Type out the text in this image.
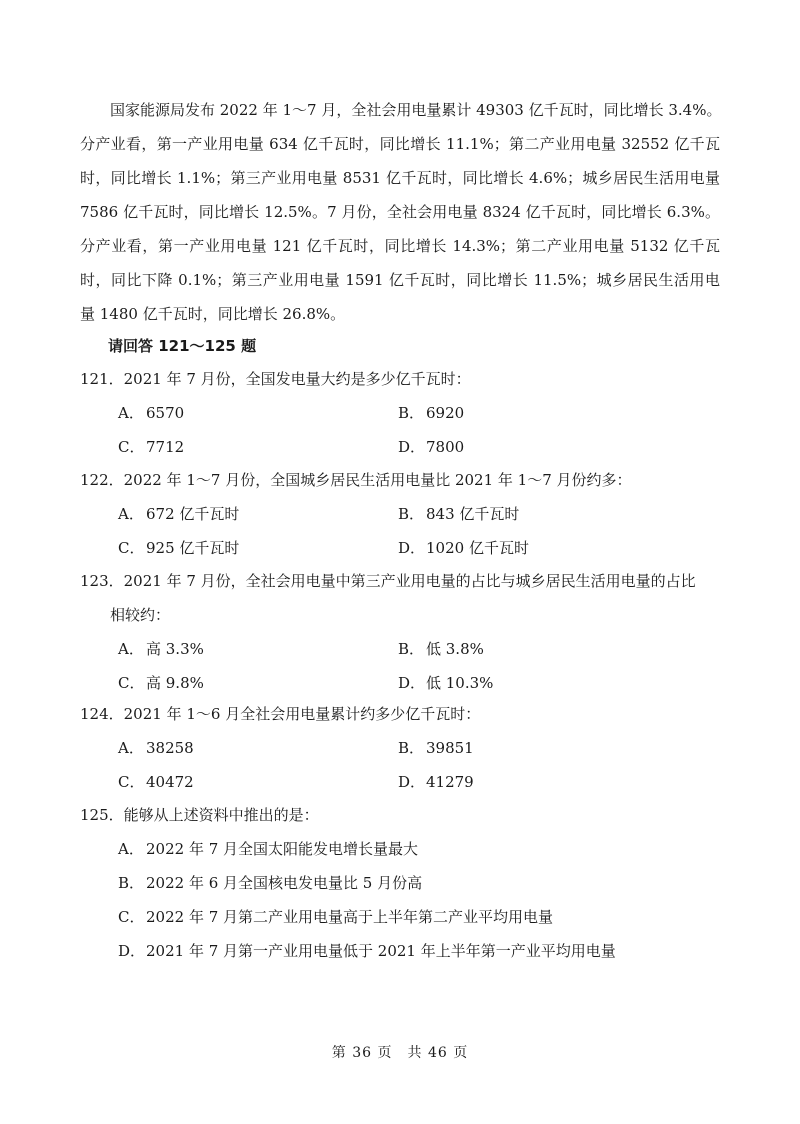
国家能源局发布 2022 年 1～7 月，全社会用电量累计 49303 亿千瓦时，同比增长 3.4%。
分产业看，第一产业用电量 634 亿千瓦时，同比增长 11.1%；第二产业用电量 32552 亿千瓦
时，同比增长 1.1%；第三产业用电量 8531 亿千瓦时，同比增长 4.6%；城乡居民生活用电量
7586 亿千瓦时，同比增长 12.5%。7 月份，全社会用电量 8324 亿千瓦时，同比增长 6.3%。
分产业看，第一产业用电量 121 亿千瓦时，同比增长 14.3%；第二产业用电量 5132 亿千瓦
时，同比下降 0.1%；第三产业用电量 1591 亿千瓦时，同比增长 11.5%；城乡居民生活用电
量 1480 亿千瓦时，同比增长 26.8%。
请回答 121～125 题
121．2021 年 7 月份，全国发电量大约是多少亿千瓦时：
A． 6570	B． 6920
C． 7712	D．7800
122．2022 年 1～7 月份，全国城乡居民生活用电量比 2021 年 1～7 月份约多：
A． 672 亿千瓦时	B． 843 亿千瓦时
C． 925 亿千瓦时	D．1020 亿千瓦时
123．2021 年 7 月份，全社会用电量中第三产业用电量的占比与城乡居民生活用电量的占比
相较约：
A． 高 3.3%	B． 低 3.8%
C． 高 9.8%	D．低 10.3%
124．2021 年 1～6 月全社会用电量累计约多少亿千瓦时：
A． 38258	B． 39851
C． 40472	D．41279
125．能够从上述资料中推出的是：
A． 2022 年 7 月全国太阳能发电增长量最大
B． 2022 年 6 月全国核电发电量比 5 月份高
C． 2022 年 7 月第二产业用电量高于上半年第二产业平均用电量
D．2021 年 7 月第一产业用电量低于 2021 年上半年第一产业平均用电量
第 36 页　共 46 页
